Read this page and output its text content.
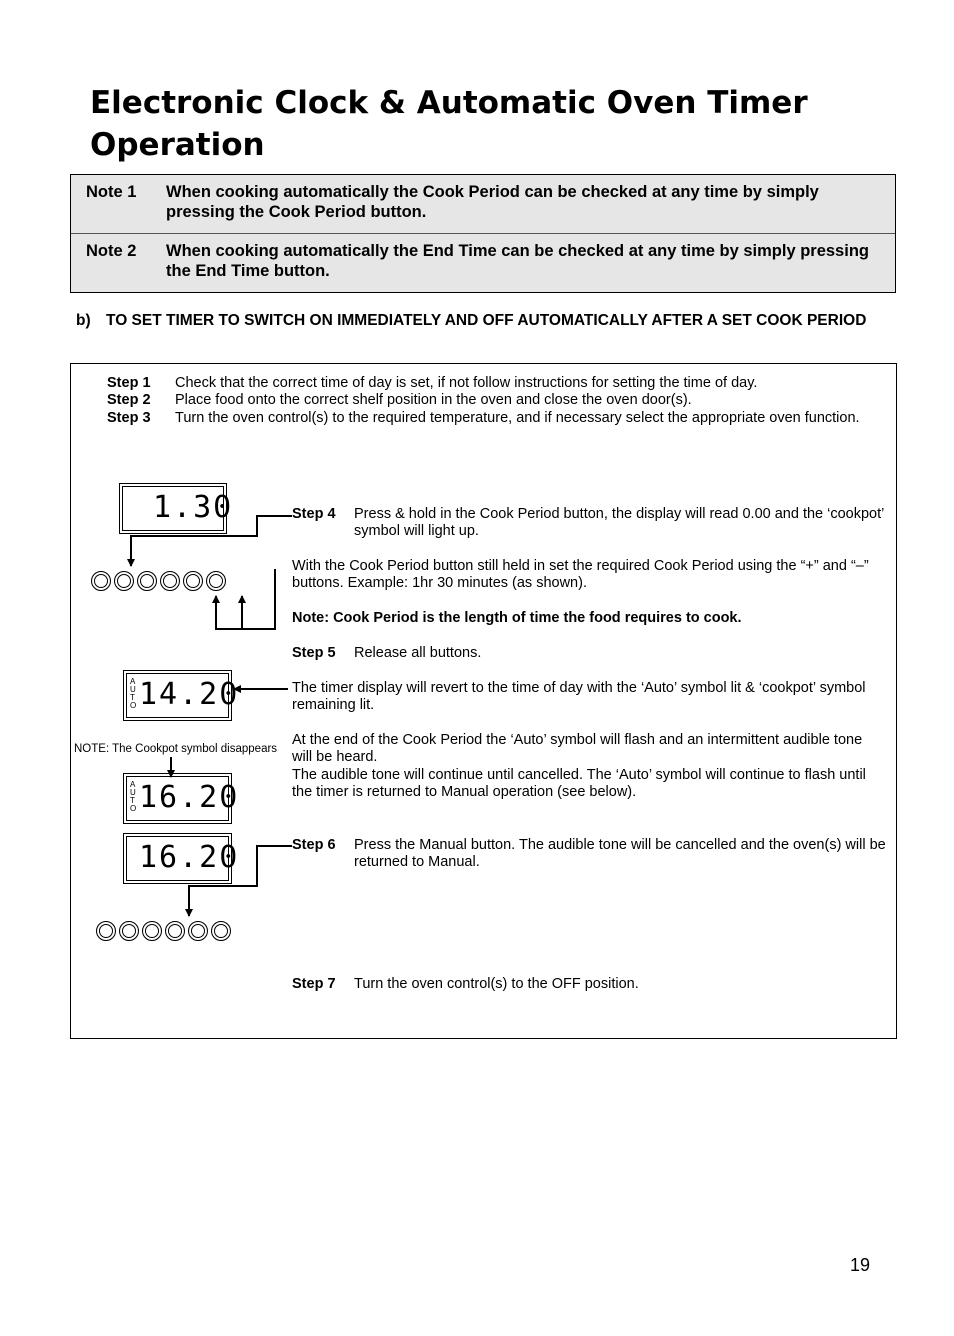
Electronic Clock & Automatic Oven Timer Operation
Note 1	When cooking automatically the Cook Period can be checked at any time by simply pressing the Cook Period button.
Note 2	When cooking automatically the End Time can be checked at any time by simply pressing the End Time button.
b) TO SET TIMER TO SWITCH ON IMMEDIATELY AND OFF AUTOMATICALLY AFTER A SET COOK PERIOD
Step 1	Check that the correct time of day is set, if not follow instructions for setting the time of day.
Step 2	Place food onto the correct shelf position in the oven and close the oven door(s).
Step 3	Turn the oven control(s) to the required temperature, and if necessary select the appropriate oven function.
1.30	Step 4	Press & hold in the Cook Period button, the display will read 0.00 and the ‘cookpot’ symbol will light up.
With the Cook Period button still held in set the required Cook Period using the “+” and “–” buttons. Example: 1hr 30 minutes (as shown).
Note: Cook Period is the length of time the food requires to cook.
Step 5	Release all buttons.
A
U
T
O 14.20	The timer display will revert to the time of day with the ‘Auto’ symbol lit & ‘cookpot’ symbol remaining lit.
NOTE: The Cookpot symbol disappears
At the end of the Cook Period the ‘Auto’ symbol will flash and an intermittent audible tone will be heard.
The audible tone will continue until cancelled. The ‘Auto’ symbol will continue to flash until the timer is returned to Manual operation (see below).
A
U
T
O 16.20
16.20	Step 6	Press the Manual button. The audible tone will be cancelled and the oven(s) will be returned to Manual.
Step 7	Turn the oven control(s) to the OFF position.
19
